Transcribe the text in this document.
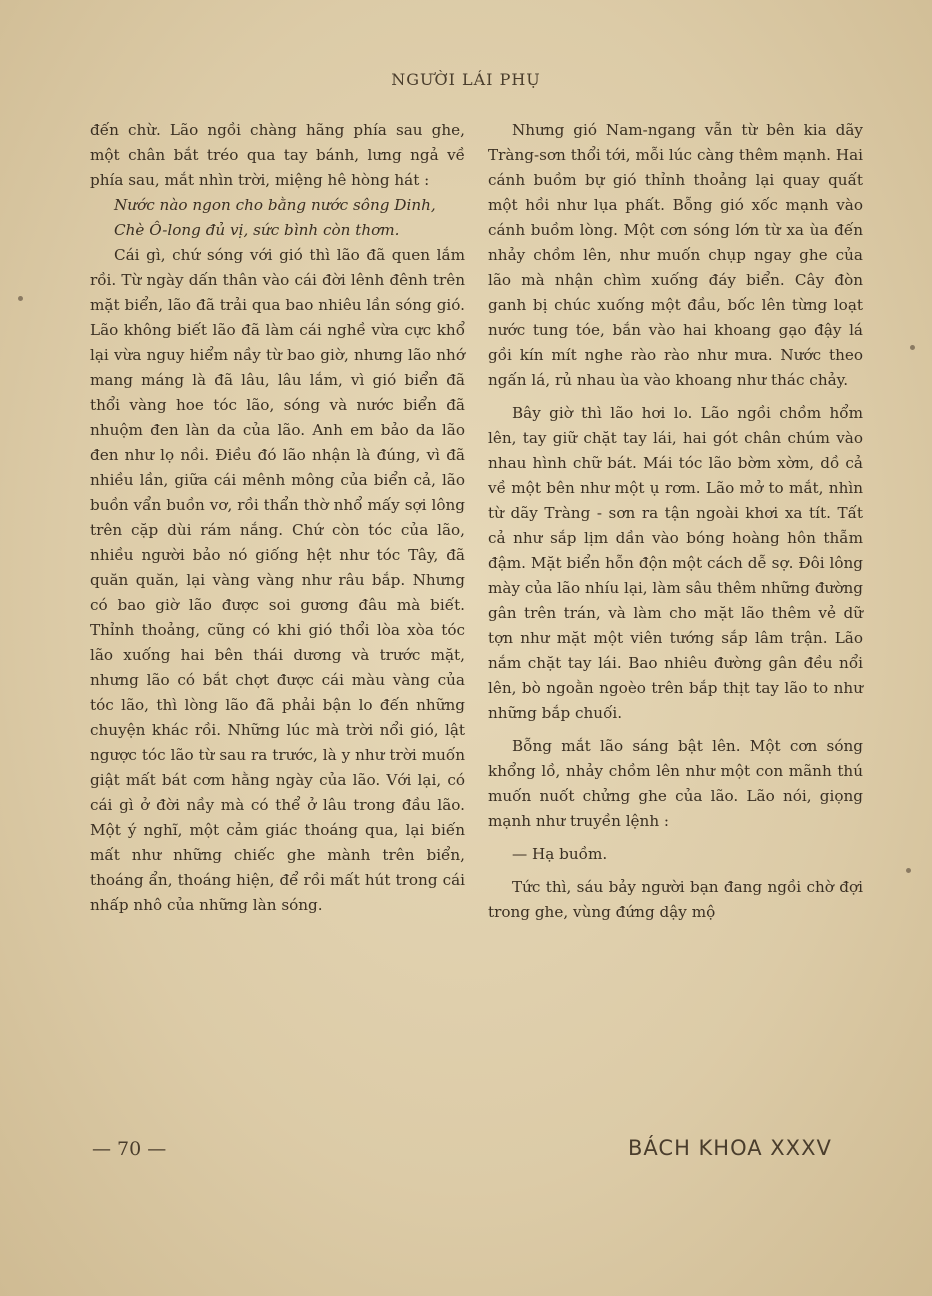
NGƯỜI LÁI PHỤ

đến chừ. Lão ngồi chàng hãng phía sau ghe, một chân bắt tréo qua tay bánh, lưng ngả về phía sau, mắt nhìn trời, miệng hê hòng hát :

Nước nào ngon cho bằng nước sông Dinh,

Chè Ô-long đủ vị, sức bình còn thơm.

Cái gì, chứ sóng với gió thì lão đã quen lắm rồi. Từ ngày dấn thân vào cái đời lênh đênh trên mặt biển, lão đã trải qua bao nhiêu lần sóng gió. Lão không biết lão đã làm cái nghề vừa cực khổ lại vừa nguy hiểm nầy từ bao giờ, nhưng lão nhớ mang máng là đã lâu, lâu lắm, vì gió biển đã thổi vàng hoe tóc lão, sóng và nước biển đã nhuộm đen làn da của lão. Anh em bảo da lão đen như lọ nồi. Điều đó lão nhận là đúng, vì đã nhiều lần, giữa cái mênh mông của biển cả, lão buồn vẩn buồn vơ, rồi thẩn thờ nhổ mấy sợi lông trên cặp dùi rám nắng. Chứ còn tóc của lão, nhiều người bảo nó giống hệt như tóc Tây, đã quăn quăn, lại vàng vàng như râu bắp. Nhưng có bao giờ lão được soi gương đâu mà biết. Thỉnh thoảng, cũng có khi gió thổi lòa xòa tóc lão xuống hai bên thái dương và trước mặt, nhưng lão có bắt chợt được cái màu vàng của tóc lão, thì lòng lão đã phải bận lo đến những chuyện khác rồi. Những lúc mà trời nổi gió, lật ngược tóc lão từ sau ra trước, là y như trời muốn giật mất bát cơm hằng ngày của lão. Với lại, có cái gì ở đời nầy mà có thể ở lâu trong đầu lão. Một ý nghĩ, một cảm giác thoáng qua, lại biến mất như những chiếc ghe mành trên biển, thoáng ẩn, thoáng hiện, để rồi mất hút trong cái nhấp nhô của những làn sóng.

Nhưng gió Nam-ngang vẫn từ bên kia dãy Tràng-sơn thổi tới, mỗi lúc càng thêm mạnh. Hai cánh buồm bự gió thỉnh thoảng lại quay quất một hồi như lụa phất. Bỗng gió xốc mạnh vào cánh buồm lòng. Một cơn sóng lớn từ xa ùa đến nhảy chồm lên, như muốn chụp ngay ghe của lão mà nhận chìm xuống đáy biển. Cây đòn ganh bị chúc xuống một đầu, bốc lên từng loạt nước tung tóe, bắn vào hai khoang gạo đậy lá gồi kín mít nghe rào rào như mưa. Nước theo ngấn lá, rủ nhau ùa vào khoang như thác chảy.

Bây giờ thì lão hơi lo. Lão ngồi chồm hổm lên, tay giữ chặt tay lái, hai gót chân chúm vào nhau hình chữ bát. Mái tóc lão bờm xờm, dồ cả về một bên như một ụ rơm. Lão mở to mắt, nhìn từ dãy Tràng - sơn ra tận ngoài khơi xa tít. Tất cả như sắp lịm dần vào bóng hoàng hôn thẫm đậm. Mặt biển hỗn độn một cách dễ sợ. Đôi lông mày của lão nhíu lại, làm sâu thêm những đường gân trên trán, và làm cho mặt lão thêm vẻ dữ tợn như mặt một viên tướng sắp lâm trận. Lão nắm chặt tay lái. Bao nhiêu đường gân đều nổi lên, bò ngoằn ngoèo trên bắp thịt tay lão to như những bắp chuối.

Bỗng mắt lão sáng bật lên. Một cơn sóng khổng lồ, nhảy chồm lên như một con mãnh thú muốn nuốt chửng ghe của lão. Lão nói, giọng mạnh như truyền lệnh :

— Hạ buồm.

Tức thì, sáu bảy người bạn đang ngồi chờ đợi trong ghe, vùng đứng dậy mộ

— 70 —	BÁCH KHOA XXXV
